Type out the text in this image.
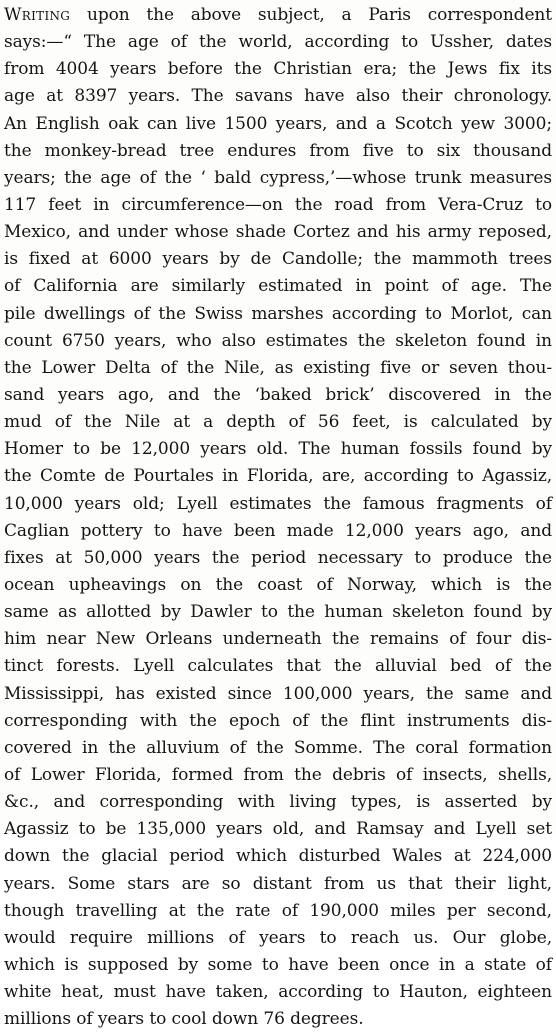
Writing upon the above subject, a Paris correspondent
says:—“ The age of the world, according to Ussher, dates
from 4004 years before the Christian era; the Jews fix its
age at 8397 years. The savans have also their chronology.
An English oak can live 1500 years, and a Scotch yew 3000;
the monkey-bread tree endures from five to six thousand
years; the age of the ‘ bald cypress,’—whose trunk measures
117 feet in circumference—on the road from Vera-Cruz to
Mexico, and under whose shade Cortez and his army reposed,
is fixed at 6000 years by de Candolle; the mammoth trees
of California are similarly estimated in point of age. The
pile dwellings of the Swiss marshes according to Morlot, can
count 6750 years, who also estimates the skeleton found in
the Lower Delta of the Nile, as existing five or seven thou-
sand years ago, and the ‘baked brick’ discovered in the
mud of the Nile at a depth of 56 feet, is calculated by
Homer to be 12,000 years old. The human fossils found by
the Comte de Pourtales in Florida, are, according to Agassiz,
10,000 years old; Lyell estimates the famous fragments of
Caglian pottery to have been made 12,000 years ago, and
fixes at 50,000 years the period necessary to produce the
ocean upheavings on the coast of Norway, which is the
same as allotted by Dawler to the human skeleton found by
him near New Orleans underneath the remains of four dis-
tinct forests. Lyell calculates that the alluvial bed of the
Mississippi, has existed since 100,000 years, the same and
corresponding with the epoch of the flint instruments dis-
covered in the alluvium of the Somme. The coral formation
of Lower Florida, formed from the debris of insects, shells,
&c., and corresponding with living types, is asserted by
Agassiz to be 135,000 years old, and Ramsay and Lyell set
down the glacial period which disturbed Wales at 224,000
years. Some stars are so distant from us that their light,
though travelling at the rate of 190,000 miles per second,
would require millions of years to reach us. Our globe,
which is supposed by some to have been once in a state of
white heat, must have taken, according to Hauton, eighteen
millions of years to cool down 76 degrees.
